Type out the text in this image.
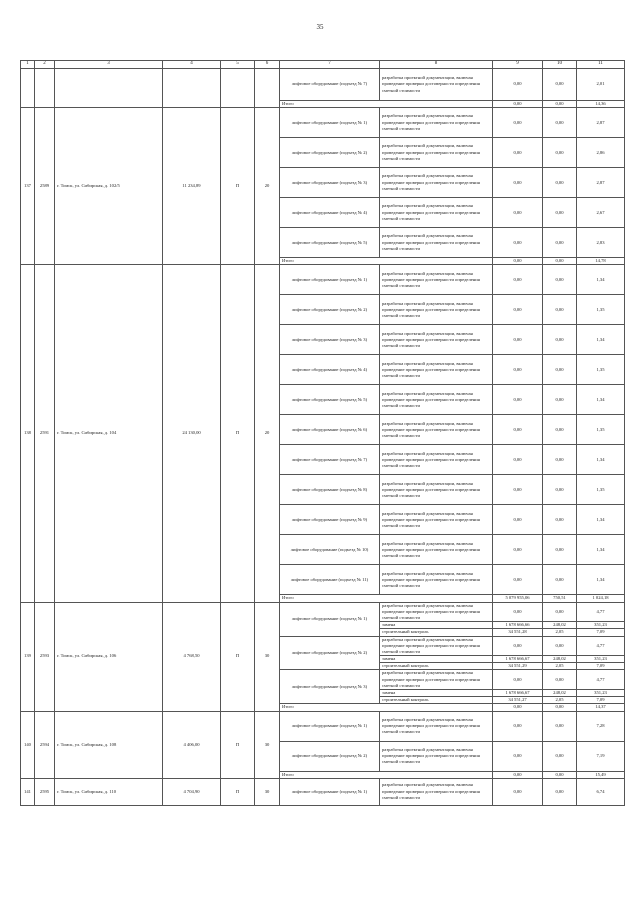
35
1	2	3	4	5	6	7	8	9	10	11
						лифтовое оборудование (подъезд № 7)	разработка проектной документации, включая проведение проверки достоверности определения сметной стоимости	0,00	0,00	2,01
						Итого		0,00	0,00	14,36
137	2589	г. Томск, ул. Сибирская, д. 102/5	11 234,89	П	20	лифтовое оборудование (подъезд № 1)	разработка проектной документации, включая проведение проверки достоверности определения сметной стоимости	0,00	0,00	2,87
						лифтовое оборудование (подъезд № 2)	разработка проектной документации, включая проведение проверки достоверности определения сметной стоимости	0,00	0,00	2,86
						лифтовое оборудование (подъезд № 3)	разработка проектной документации, включая проведение проверки достоверности определения сметной стоимости	0,00	0,00	2,87
						лифтовое оборудование (подъезд № 4)	разработка проектной документации, включая проведение проверки достоверности определения сметной стоимости	0,00	0,00	2,67
						лифтовое оборудование (подъезд № 5)	разработка проектной документации, включая проведение проверки достоверности определения сметной стоимости	0,00	0,00	2,83
						Итого		0,00	0,00	14,78
138	2591	г. Томск, ул. Сибирская, д. 104	24 130,00	П	20	лифтовое оборудование (подъезд № 1)	разработка проектной документации, включая проведение проверки достоверности определения сметной стоимости	0,00	0,00	1,34
						лифтовое оборудование (подъезд № 2)	разработка проектной документации, включая проведение проверки достоверности определения сметной стоимости	0,00	0,00	1,35
						лифтовое оборудование (подъезд № 3)	разработка проектной документации, включая проведение проверки достоверности определения сметной стоимости	0,00	0,00	1,34
						лифтовое оборудование (подъезд № 4)	разработка проектной документации, включая проведение проверки достоверности определения сметной стоимости	0,00	0,00	1,35
						лифтовое оборудование (подъезд № 5)	разработка проектной документации, включая проведение проверки достоверности определения сметной стоимости	0,00	0,00	1,34
						лифтовое оборудование (подъезд № 6)	разработка проектной документации, включая проведение проверки достоверности определения сметной стоимости	0,00	0,00	1,35
						лифтовое оборудование (подъезд № 7)	разработка проектной документации, включая проведение проверки достоверности определения сметной стоимости	0,00	0,00	1,34
						лифтовое оборудование (подъезд № 8)	разработка проектной документации, включая проведение проверки достоверности определения сметной стоимости	0,00	0,00	1,35
						лифтовое оборудование (подъезд № 9)	разработка проектной документации, включая проведение проверки достоверности определения сметной стоимости	0,00	0,00	1,34
						лифтовое оборудование (подъезд № 10)	разработка проектной документации, включая проведение проверки достоверности определения сметной стоимости	0,00	0,00	1,34
						лифтовое оборудование (подъезд № 11)	разработка проектной документации, включая проведение проверки достоверности определения сметной стоимости	0,00	0,00	1,34
						Итого		5 079 955,06	750,51	1 024,18
139	2593	г. Томск, ул. Сибирская, д. 106	4 768,50	П	30	лифтовое оборудование (подъезд № 1)	разработка проектной документации, включая проведение проверки достоверности определения сметной стоимости	0,00	0,00	4,77
							замена	1 678 666,66	248,02	351,23
							строительный контроль	34 551,28	2,05	7,09
						лифтовое оборудование (подъезд № 2)	разработка проектной документации, включая проведение проверки достоверности определения сметной стоимости	0,00	0,00	4,77
							замена	1 678 666,67	248,02	351,23
							строительный контроль	34 551,29	2,05	7,09
						лифтовое оборудование (подъезд № 3)	разработка проектной документации, включая проведение проверки достоверности определения сметной стоимости	0,00	0,00	4,77
							замена	1 678 666,67	248,02	351,23
							строительный контроль	34 551,27	2,05	7,09
						Итого		0,00	0,00	14,37
140	2594	г. Томск, ул. Сибирская, д. 108	4 406,00	П	30	лифтовое оборудование (подъезд № 1)	разработка проектной документации, включая проведение проверки достоверности определения сметной стоимости	0,00	0,00	7,28
						лифтовое оборудование (подъезд № 2)	разработка проектной документации, включая проведение проверки достоверности определения сметной стоимости	0,00	0,00	7,19
						Итого		0,00	0,00	15,49
141	2595	г. Томск, ул. Сибирская, д. 110	4 704,90	П	30	лифтовое оборудование (подъезд № 1)	разработка проектной документации, включая проведение проверки достоверности определения сметной стоимости	0,00	0,00	6,74
